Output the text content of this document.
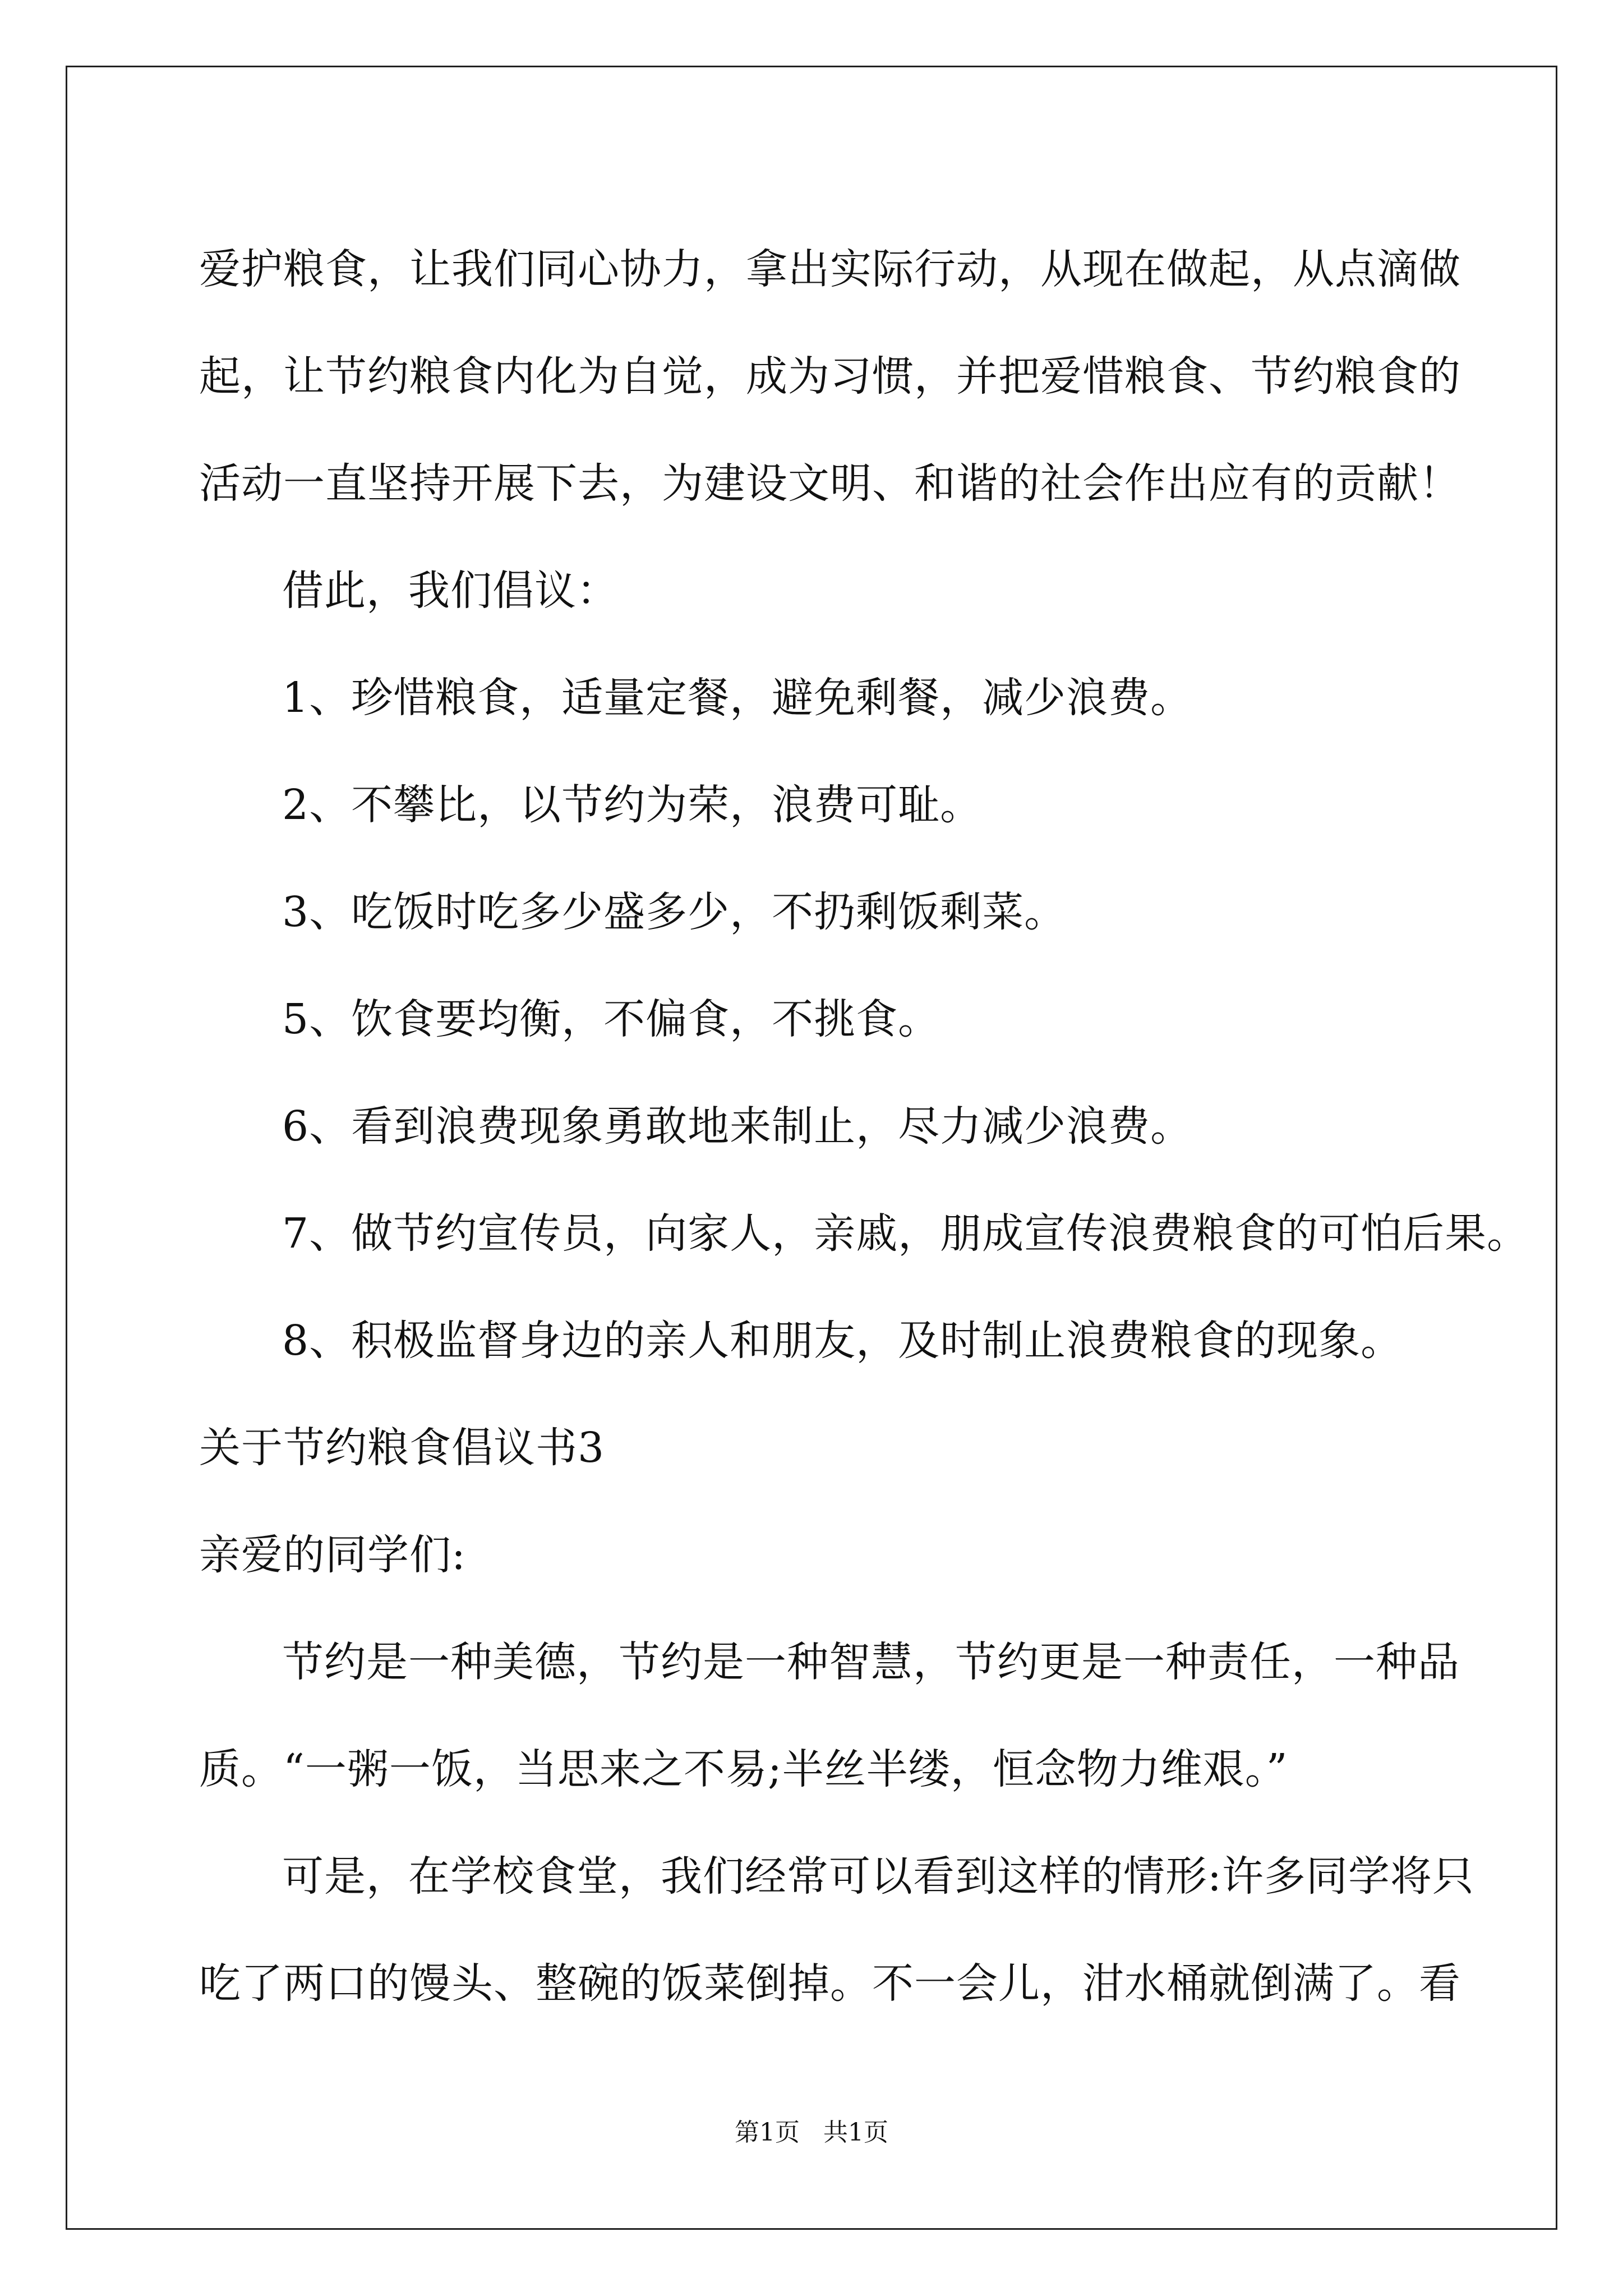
爱护粮食，让我们同心协力，拿出实际行动，从现在做起，从点滴做
起，让节约粮食内化为自觉，成为习惯，并把爱惜粮食、节约粮食的
活动一直坚持开展下去，为建设文明、和谐的社会作出应有的贡献！
借此，我们倡议：
1、珍惜粮食，适量定餐，避免剩餐，减少浪费。
2、不攀比，以节约为荣，浪费可耻。
3、吃饭时吃多少盛多少，不扔剩饭剩菜。
5、饮食要均衡，不偏食，不挑食。
6、看到浪费现象勇敢地来制止，尽力减少浪费。
7、做节约宣传员，向家人，亲戚，朋成宣传浪费粮食的可怕后果。
8、积极监督身边的亲人和朋友，及时制止浪费粮食的现象。
关于节约粮食倡议书3
亲爱的同学们:
节约是一种美德，节约是一种智慧，节约更是一种责任，一种品
质。“一粥一饭，当思来之不易;半丝半缕，恒念物力维艰。”
可是，在学校食堂，我们经常可以看到这样的情形:许多同学将只
吃了两口的馒头、整碗的饭菜倒掉。不一会儿，泔水桶就倒满了。看
第1页   共1页
